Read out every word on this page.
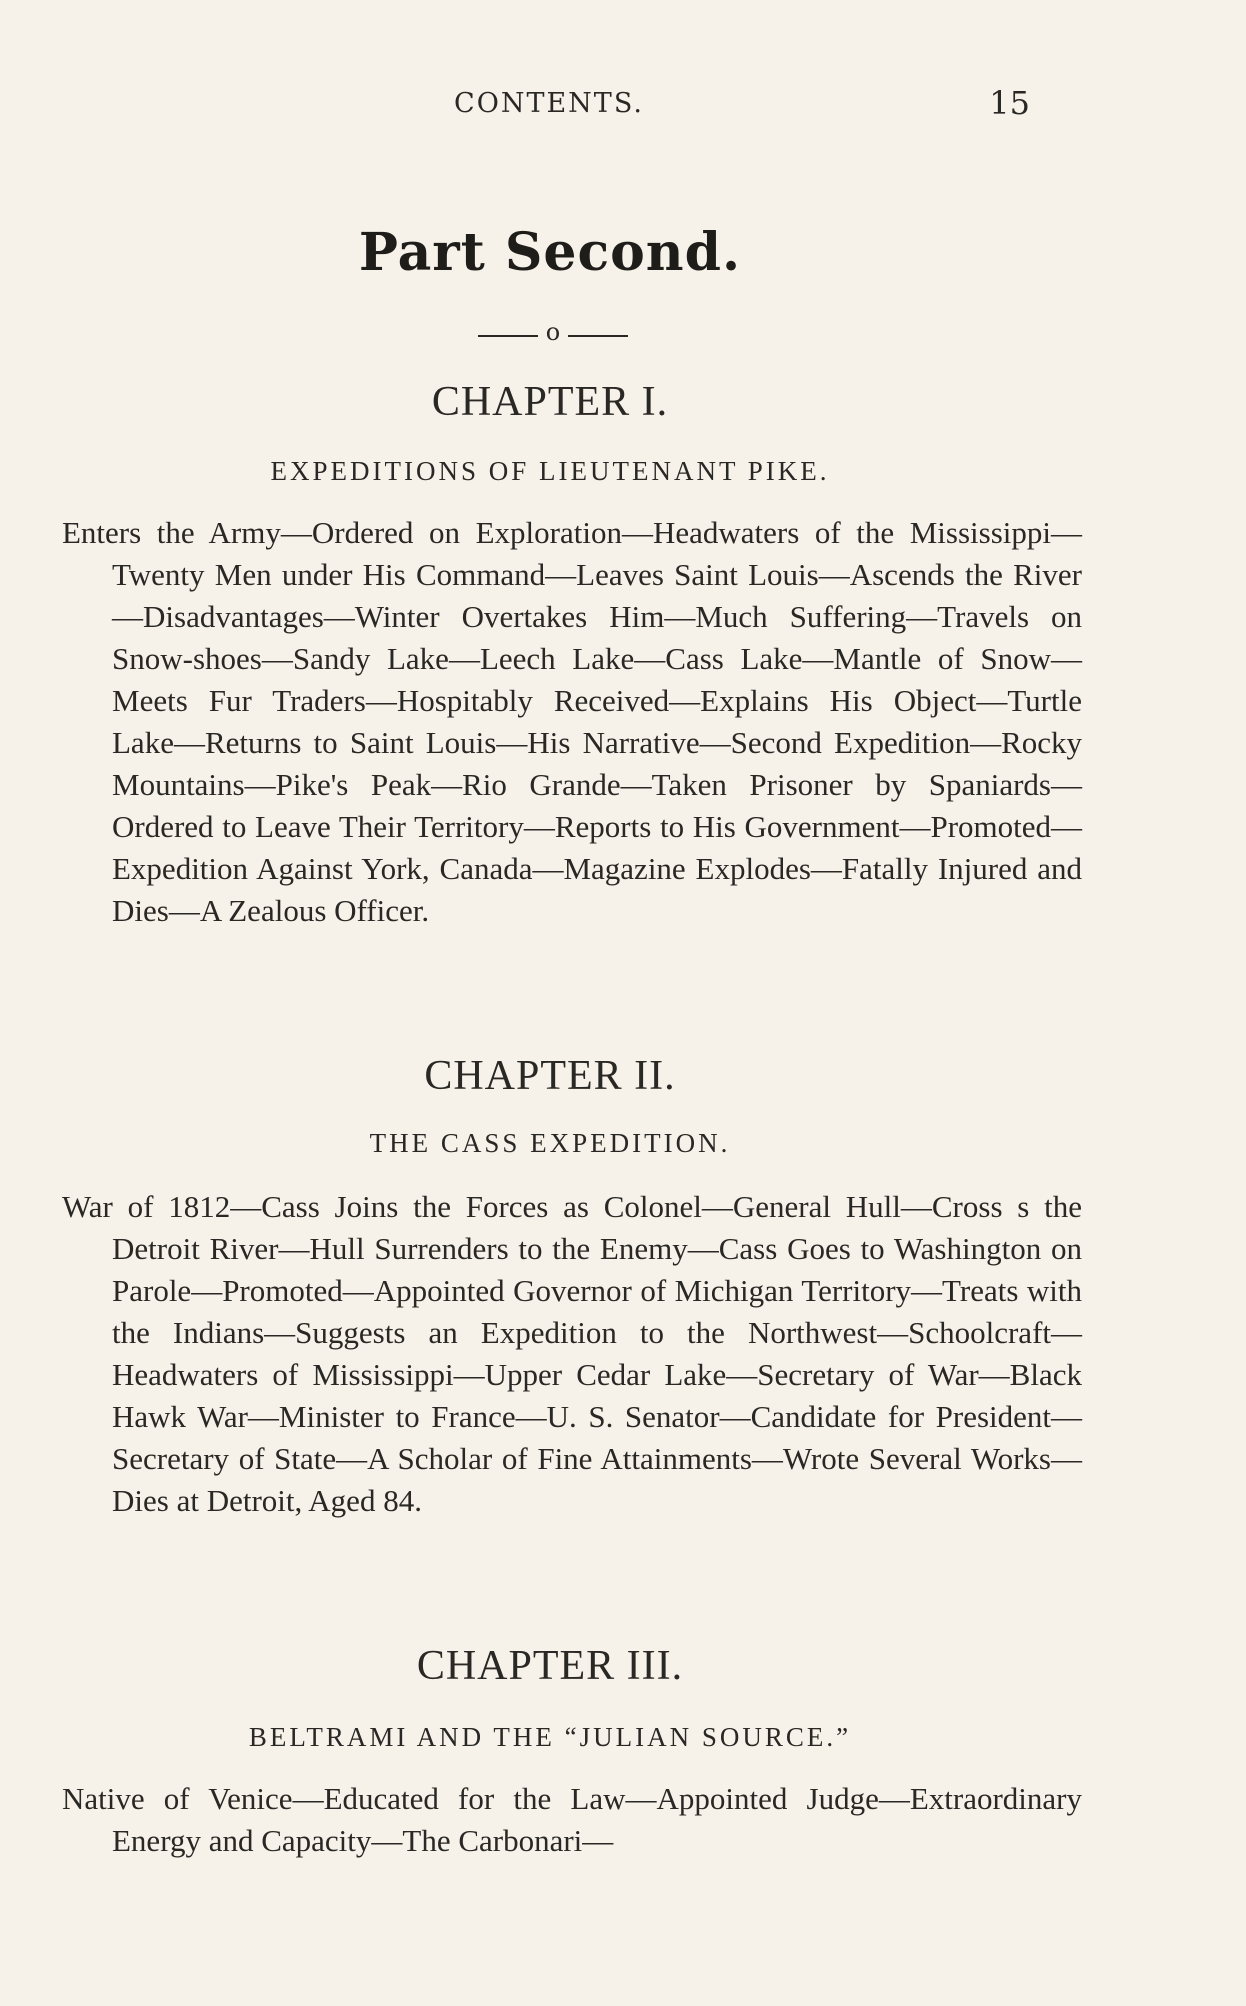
CONTENTS.	15
Part Second.
o
CHAPTER I.
EXPEDITIONS OF LIEUTENANT PIKE.
Enters the Army—Ordered on Exploration—Headwaters of the Mississippi—Twenty Men under His Command—Leaves Saint Louis—Ascends the River—Disadvantages—Winter Overtakes Him—Much Suffering—Travels on Snow-shoes—Sandy Lake—Leech Lake—Cass Lake—Mantle of Snow—Meets Fur Traders—Hospitably Received—Explains His Object—Turtle Lake—Returns to Saint Louis—His Narrative—Second Expedition—Rocky Mountains—Pike's Peak—Rio Grande—Taken Prisoner by Spaniards—Ordered to Leave Their Territory—Reports to His Government—Promoted—Expedition Against York, Canada—Magazine Explodes—Fatally Injured and Dies—A Zealous Officer.
CHAPTER II.
THE CASS EXPEDITION.
War of 1812—Cass Joins the Forces as Colonel—General Hull—Cross s the Detroit River—Hull Surrenders to the Enemy—Cass Goes to Washington on Parole—Promoted—Appointed Governor of Michigan Territory—Treats with the Indians—Suggests an Expedition to the Northwest—Schoolcraft—Headwaters of Mississippi—Upper Cedar Lake—Secretary of War—Black Hawk War—Minister to France—U. S. Senator—Candidate for President—Secretary of State—A Scholar of Fine Attainments—Wrote Several Works—Dies at Detroit, Aged 84.
CHAPTER III.
BELTRAMI AND THE “JULIAN SOURCE.”
Native of Venice—Educated for the Law—Appointed Judge—Extraordinary Energy and Capacity—The Carbonari—
